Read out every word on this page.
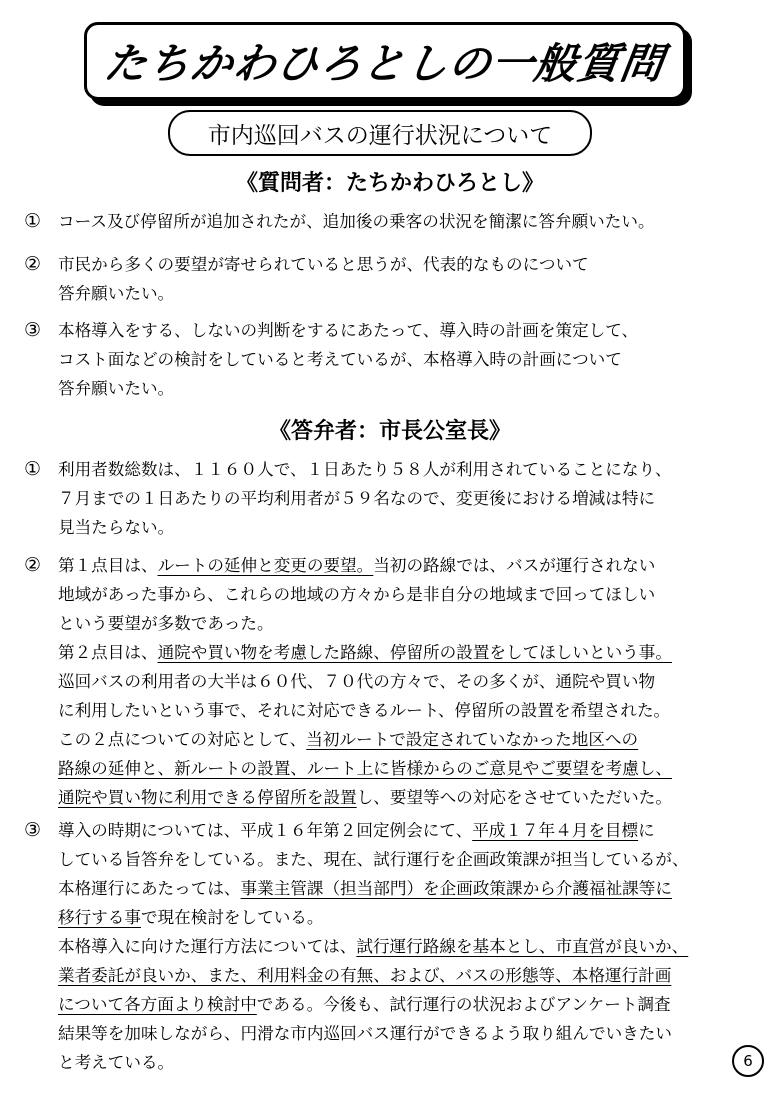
たちかわひろとしの一般質問
市内巡回バスの運行状況について
《質問者：たちかわひろとし》
① コース及び停留所が追加されたが、追加後の乗客の状況を簡潔に答弁願いたい。
② 市民から多くの要望が寄せられていると思うが、代表的なものについて
答弁願いたい。
③ 本格導入をする、しないの判断をするにあたって、導入時の計画を策定して、
コスト面などの検討をしていると考えているが、本格導入時の計画について
答弁願いたい。
《答弁者：市長公室長》
① 利用者数総数は、１１６０人で、１日あたり５８人が利用されていることになり、
７月までの１日あたりの平均利用者が５９名なので、変更後における増減は特に
見当たらない。
② 第１点目は、ルートの延伸と変更の要望。当初の路線では、バスが運行されない
地域があった事から、これらの地域の方々から是非自分の地域まで回ってほしい
という要望が多数であった。
第２点目は、通院や買い物を考慮した路線、停留所の設置をしてほしいという事。
巡回バスの利用者の大半は６０代、７０代の方々で、その多くが、通院や買い物
に利用したいという事で、それに対応できるルート、停留所の設置を希望された。
この２点についての対応として、当初ルートで設定されていなかった地区への
路線の延伸と、新ルートの設置、ルート上に皆様からのご意見やご要望を考慮し、
通院や買い物に利用できる停留所を設置し、要望等への対応をさせていただいた。
③ 導入の時期については、平成１６年第２回定例会にて、平成１７年４月を目標に
している旨答弁をしている。また、現在、試行運行を企画政策課が担当しているが、
本格運行にあたっては、事業主管課（担当部門）を企画政策課から介護福祉課等に
移行する事で現在検討をしている。
本格導入に向けた運行方法については、試行運行路線を基本とし、市直営が良いか、
業者委託が良いか、また、利用料金の有無、および、バスの形態等、本格運行計画
について各方面より検討中である。今後も、試行運行の状況およびアンケート調査
結果等を加味しながら、円滑な市内巡回バス運行ができるよう取り組んでいきたい
と考えている。	6
